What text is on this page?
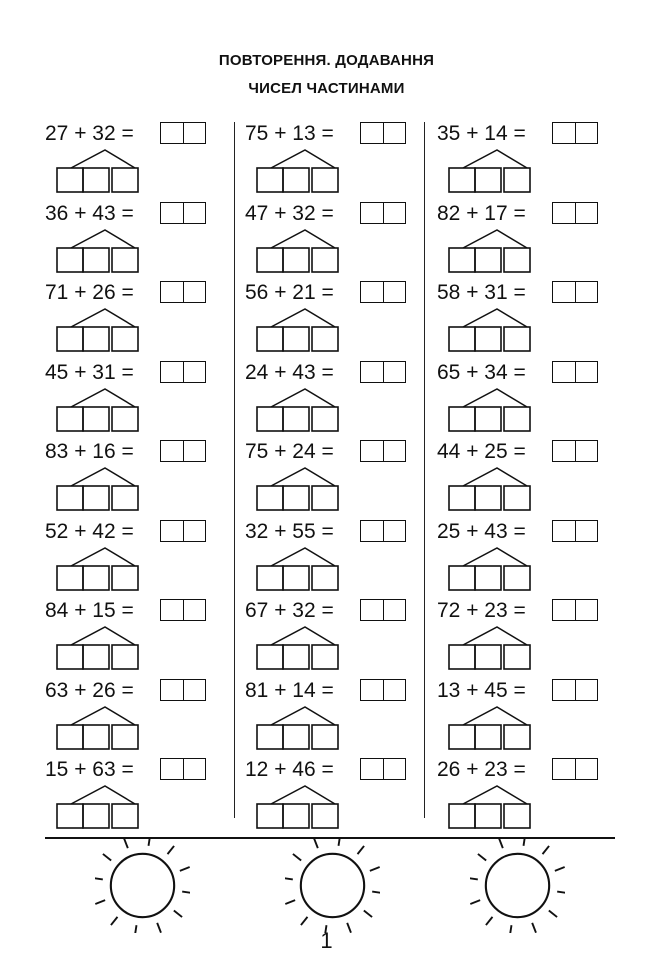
ПОВТОРЕННЯ. ДОДАВАННЯ
ЧИСЕЛ ЧАСТИНАМИ
27 + 32 =
36 + 43 =
71 + 26 =
45 + 31 =
83 + 16 =
52 + 42 =
84 + 15 =
63 + 26 =
15 + 63 =
75 + 13 =
47 + 32 =
56 + 21 =
24 + 43 =
75 + 24 =
32 + 55 =
67 + 32 =
81 + 14 =
12 + 46 =
35 + 14 =
82 + 17 =
58 + 31 =
65 + 34 =
44 + 25 =
25 + 43 =
72 + 23 =
13 + 45 =
26 + 23 =
1
